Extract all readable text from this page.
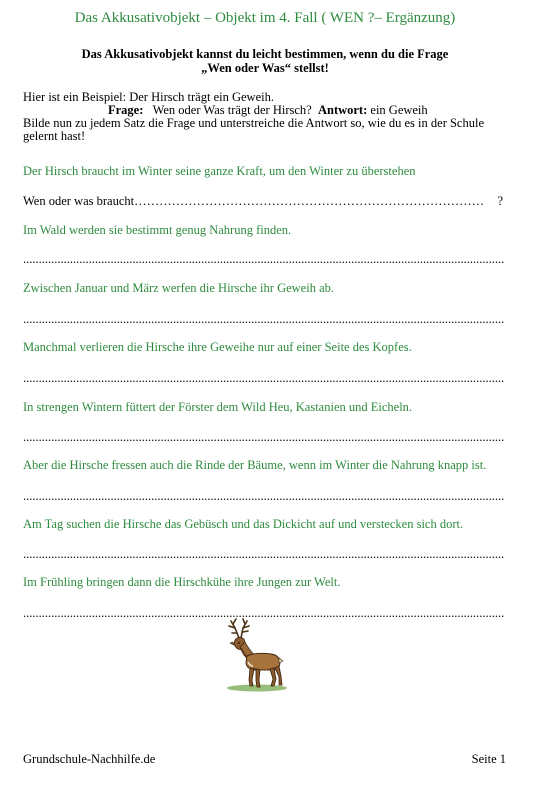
Das Akkusativobjekt – Objekt im 4. Fall ( WEN ?– Ergänzung)
Das Akkusativobjekt kannst du leicht bestimmen, wenn du die Frage
„Wen oder Was“ stellst!
Hier ist ein Beispiel: Der Hirsch trägt ein Geweih.
Frage: Wen oder Was trägt der Hirsch? Antwort: ein Geweih
Bilde nun zu jedem Satz die Frage und unterstreiche die Antwort so, wie du es in der Schule
gelernt hast!
Der Hirsch braucht im Winter seine ganze Kraft, um den Winter zu überstehen
Wen oder was braucht
……………………………………………………………………………………………………………	?
Im Wald werden sie bestimmt genug Nahrung finden.
.....
Zwischen Januar und März werfen die Hirsche ihr Geweih ab.
.....
Manchmal verlieren die Hirsche ihre Geweihe nur auf einer Seite des Kopfes.
.....
In strengen Wintern füttert der Förster dem Wild Heu, Kastanien und Eicheln.
.....
Aber die Hirsche fressen auch die Rinde der Bäume, wenn im Winter die Nahrung knapp ist.
.....
Am Tag suchen die Hirsche das Gebüsch und das Dickicht auf und verstecken sich dort.
.....
Im Frühling bringen dann die Hirschkühe ihre Jungen zur Welt.
.....
Grundschule-Nachhilfe.de	Seite 1
